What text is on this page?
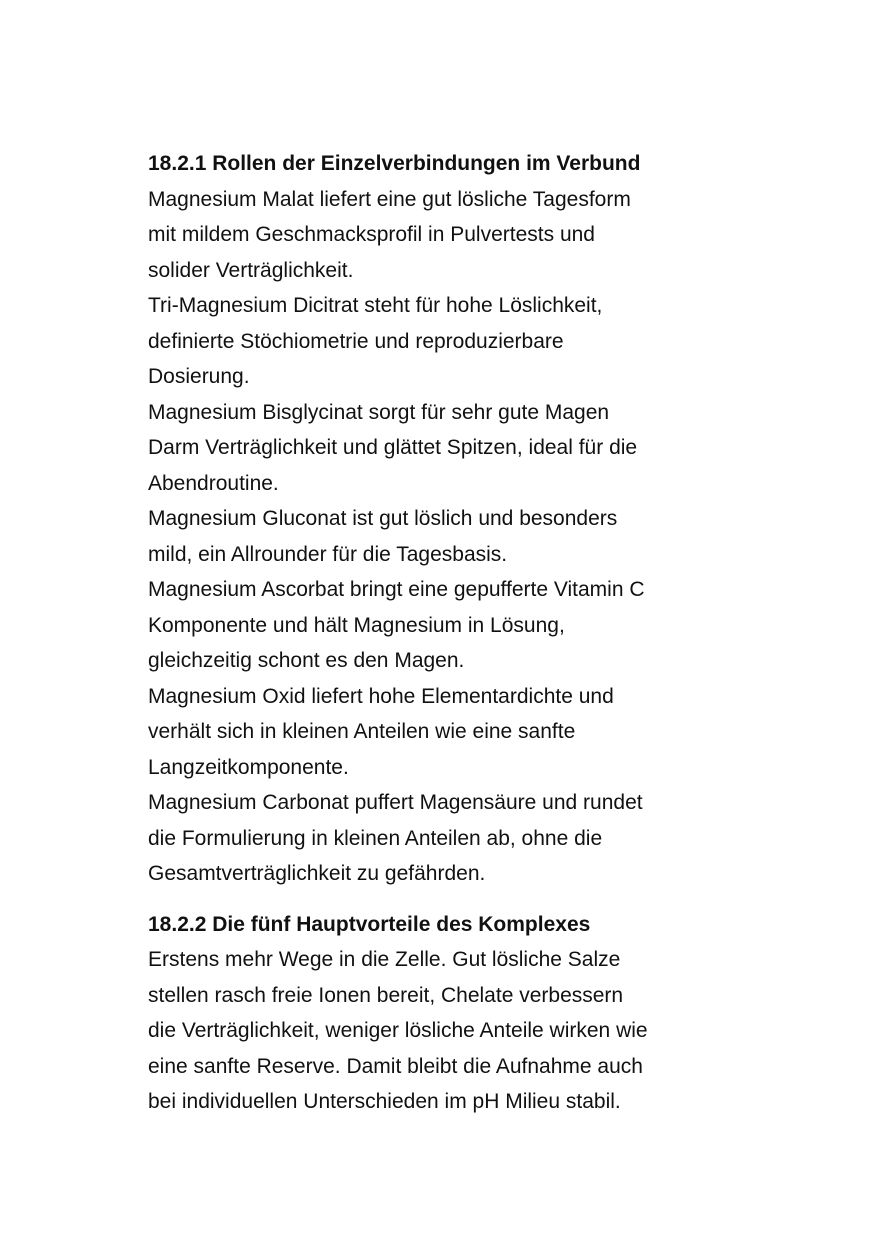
18.2.1 Rollen der Einzelverbindungen im Verbund

Magnesium Malat liefert eine gut lösliche Tagesform
mit mildem Geschmacksprofil in Pulvertests und
solider Verträglichkeit.

Tri-Magnesium Dicitrat steht für hohe Löslichkeit,
definierte Stöchiometrie und reproduzierbare
Dosierung.

Magnesium Bisglycinat sorgt für sehr gute Magen
Darm Verträglichkeit und glättet Spitzen, ideal für die
Abendroutine.

Magnesium Gluconat ist gut löslich und besonders
mild, ein Allrounder für die Tagesbasis.

Magnesium Ascorbat bringt eine gepufferte Vitamin C
Komponente und hält Magnesium in Lösung,
gleichzeitig schont es den Magen.

Magnesium Oxid liefert hohe Elementardichte und
verhält sich in kleinen Anteilen wie eine sanfte
Langzeitkomponente.

Magnesium Carbonat puffert Magensäure und rundet
die Formulierung in kleinen Anteilen ab, ohne die
Gesamtverträglichkeit zu gefährden.

18.2.2 Die fünf Hauptvorteile des Komplexes

Erstens mehr Wege in die Zelle. Gut lösliche Salze
stellen rasch freie Ionen bereit, Chelate verbessern
die Verträglichkeit, weniger lösliche Anteile wirken wie
eine sanfte Reserve. Damit bleibt die Aufnahme auch
bei individuellen Unterschieden im pH Milieu stabil.
